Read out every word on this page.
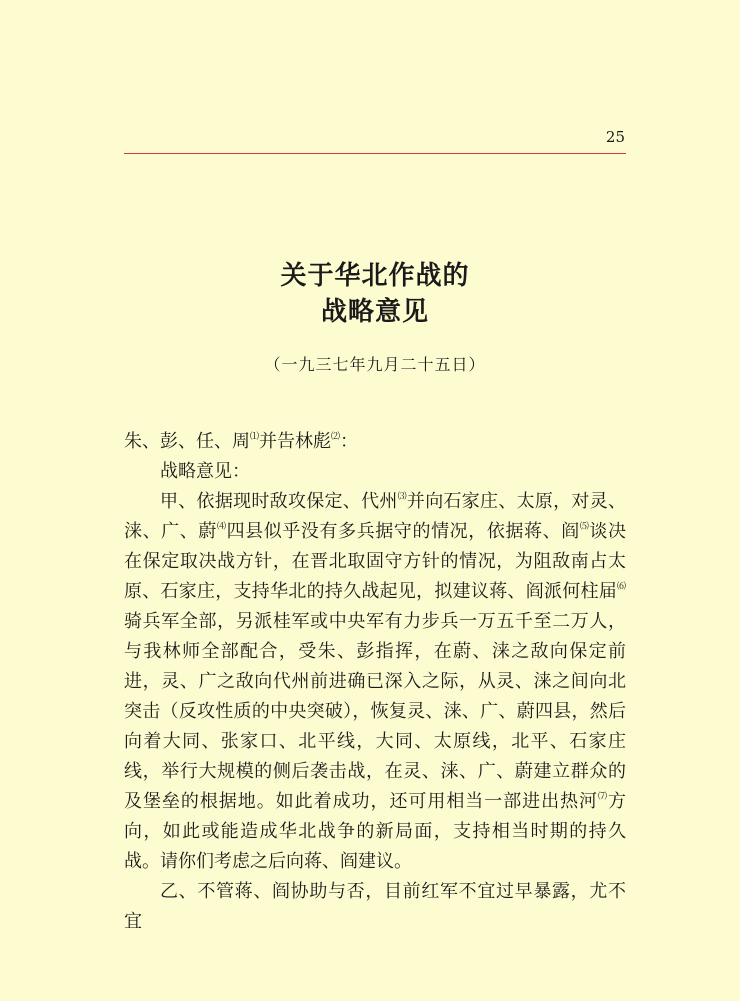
25
关于华北作战的
战略意见
（一九三七年九月二十五日）

朱、彭、任、周⑴并告林彪⑵：

战略意见：

甲、依据现时敌攻保定、代州⑶并向石家庄、太原，对灵、涞、广、蔚⑷四县似乎没有多兵据守的情况，依据蒋、阎⑸谈决在保定取决战方针，在晋北取固守方针的情况，为阻敌南占太原、石家庄，支持华北的持久战起见，拟建议蒋、阎派何柱届⑹骑兵军全部，另派桂军或中央军有力步兵一万五千至二万人，与我林师全部配合，受朱、彭指挥，在蔚、涞之敌向保定前进，灵、广之敌向代州前进确已深入之际，从灵、涞之间向北突击（反攻性质的中央突破），恢复灵、涞、广、蔚四县，然后向着大同、张家口、北平线，大同、太原线，北平、石家庄线，举行大规模的侧后袭击战，在灵、涞、广、蔚建立群众的及堡垒的根据地。如此着成功，还可用相当一部进出热河⑺方向，如此或能造成华北战争的新局面，支持相当时期的持久战。请你们考虑之后向蒋、阎建议。

乙、不管蒋、阎协助与否，目前红军不宜过早暴露，尤不宜
